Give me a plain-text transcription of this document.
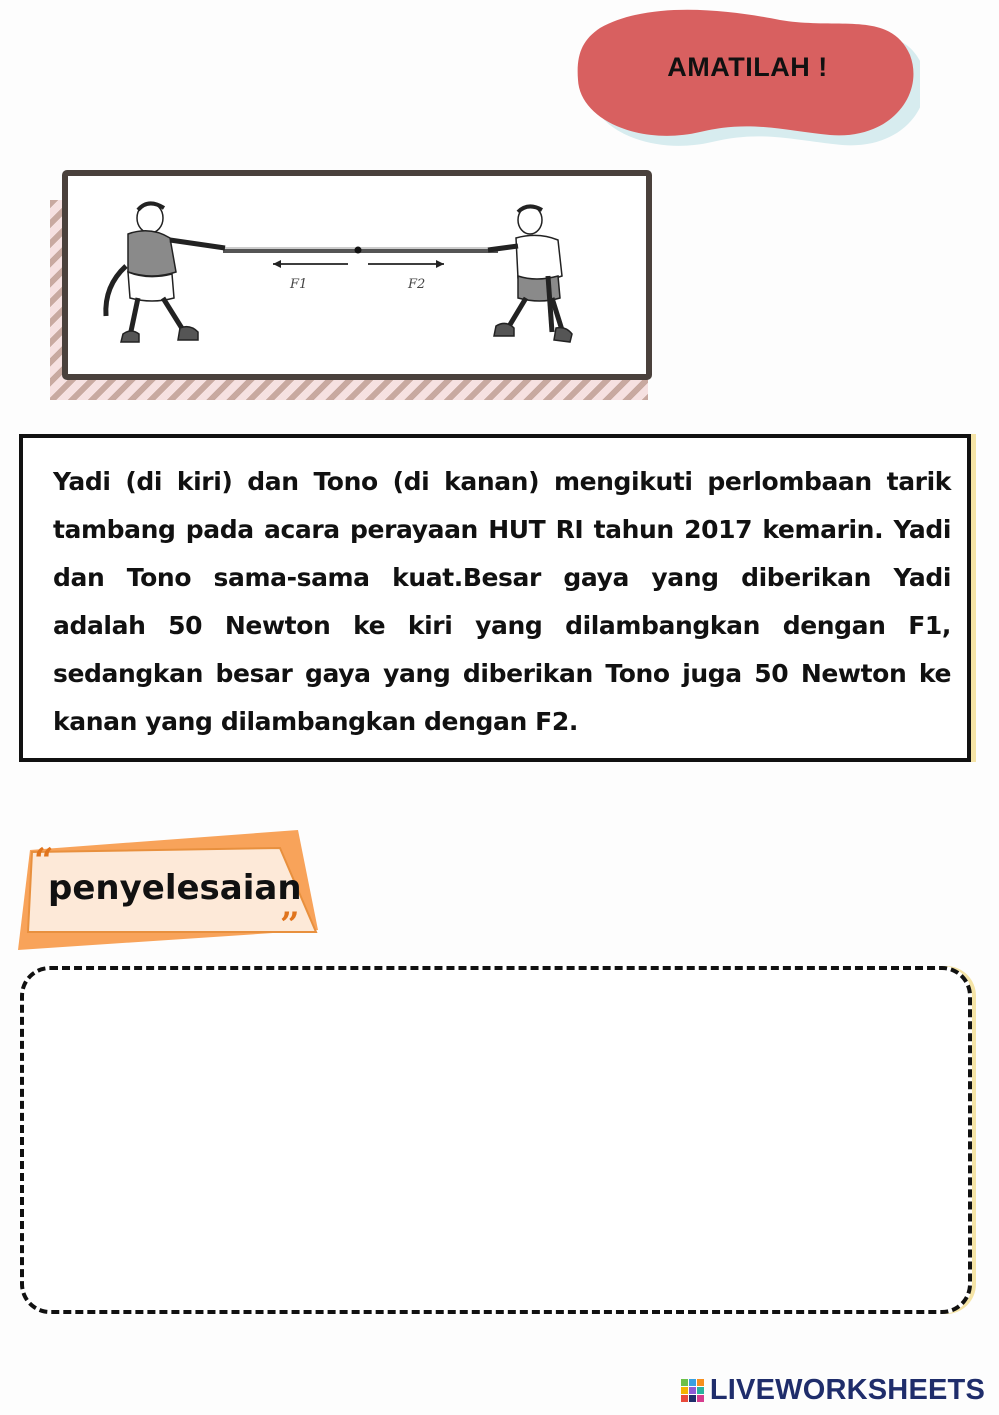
AMATILAH !
F1	F2
Yadi (di kiri) dan Tono (di kanan) mengikuti perlombaan tarik tambang pada acara perayaan HUT RI tahun 2017 kemarin. Yadi dan Tono sama-sama kuat.Besar gaya yang diberikan Yadi adalah 50 Newton ke kiri yang dilambangkan dengan F1, sedangkan besar gaya yang diberikan Tono juga 50 Newton ke kanan yang dilambangkan dengan F2.
“
”
penyelesaian
LIVEWORKSHEETS
